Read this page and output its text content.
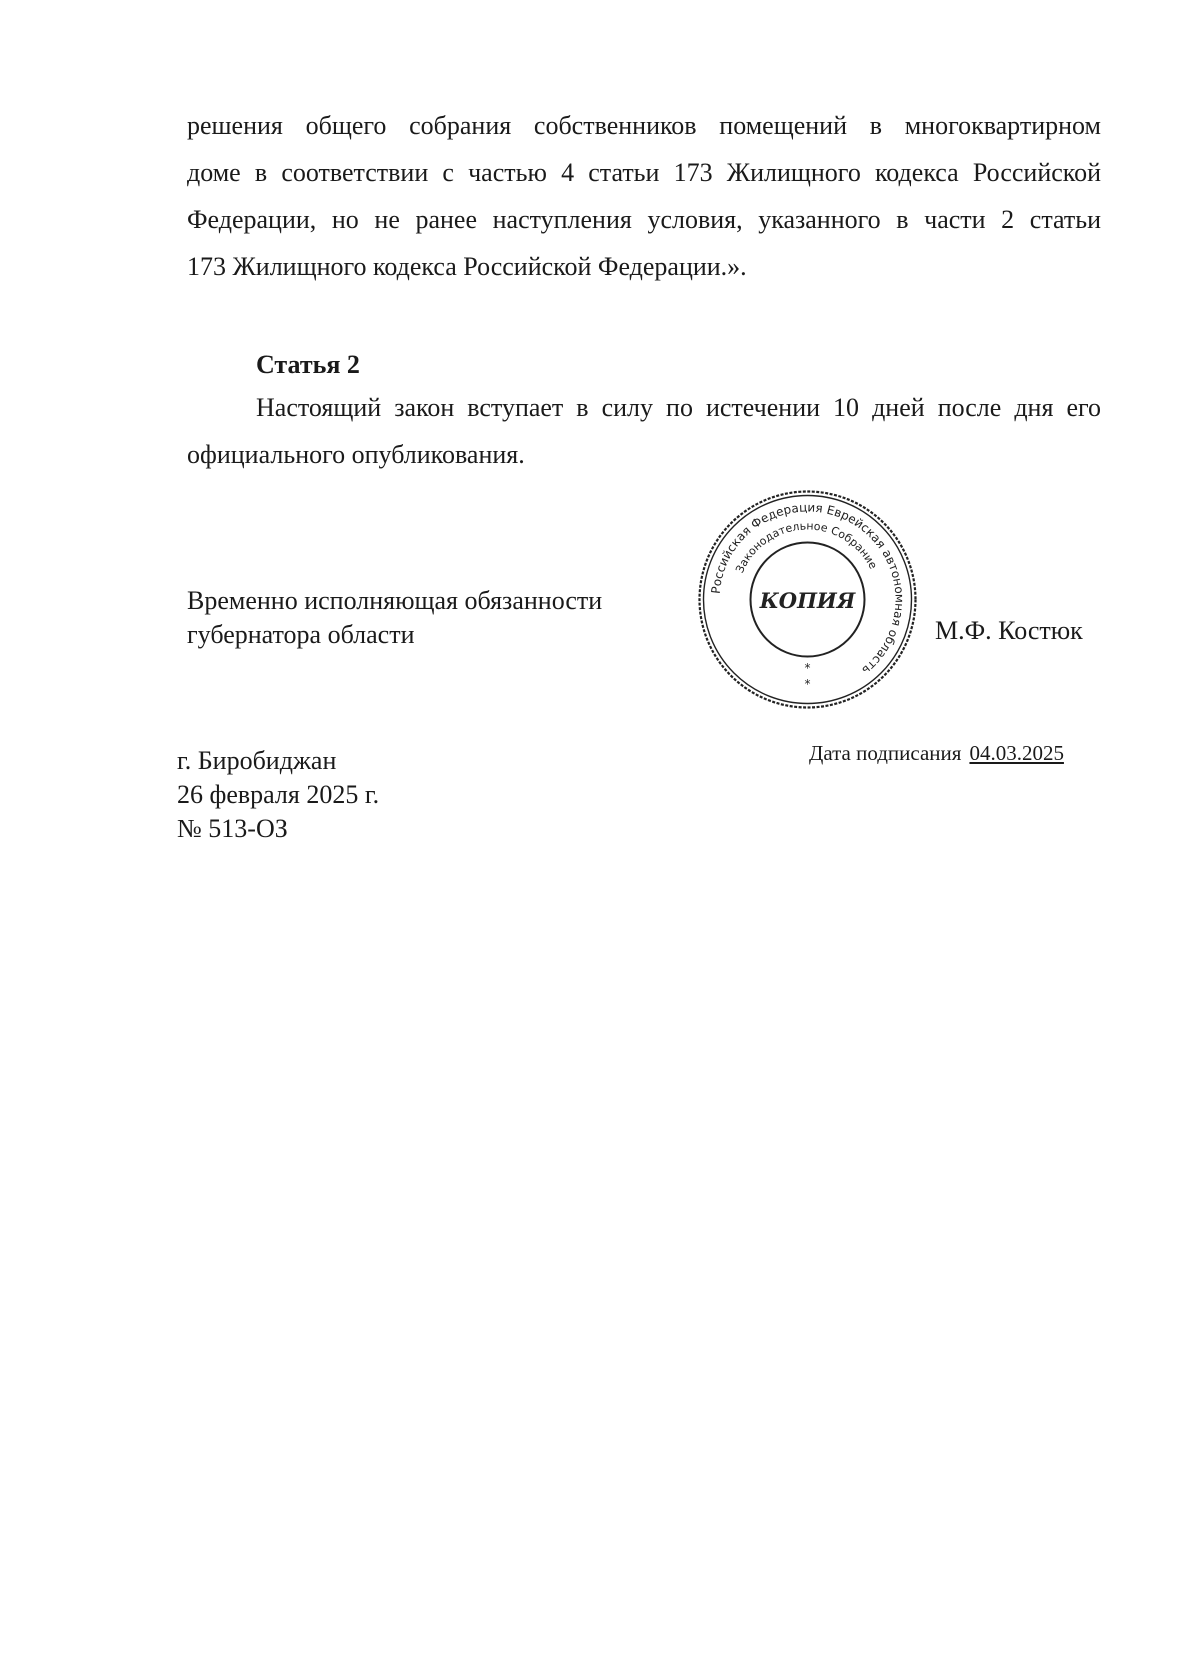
решения общего собрания собственников помещений в многоквартирном
доме в соответствии с частью 4 статьи 173 Жилищного кодекса Российской
Федерации, но не ранее наступления условия, указанного в части 2 статьи
173 Жилищного кодекса Российской Федерации.».
Статья 2
Настоящий закон вступает в силу по истечении 10 дней после дня его
официального опубликования.
Временно исполняющая обязанности
губернатора области
Российская Федерация Еврейская автономная область
Законодательное Собрание
КОПИЯ
*
*
М.Ф. Костюк
г. Биробиджан
26 февраля 2025 г.
№ 513-ОЗ
Дата подписания 04.03.2025
